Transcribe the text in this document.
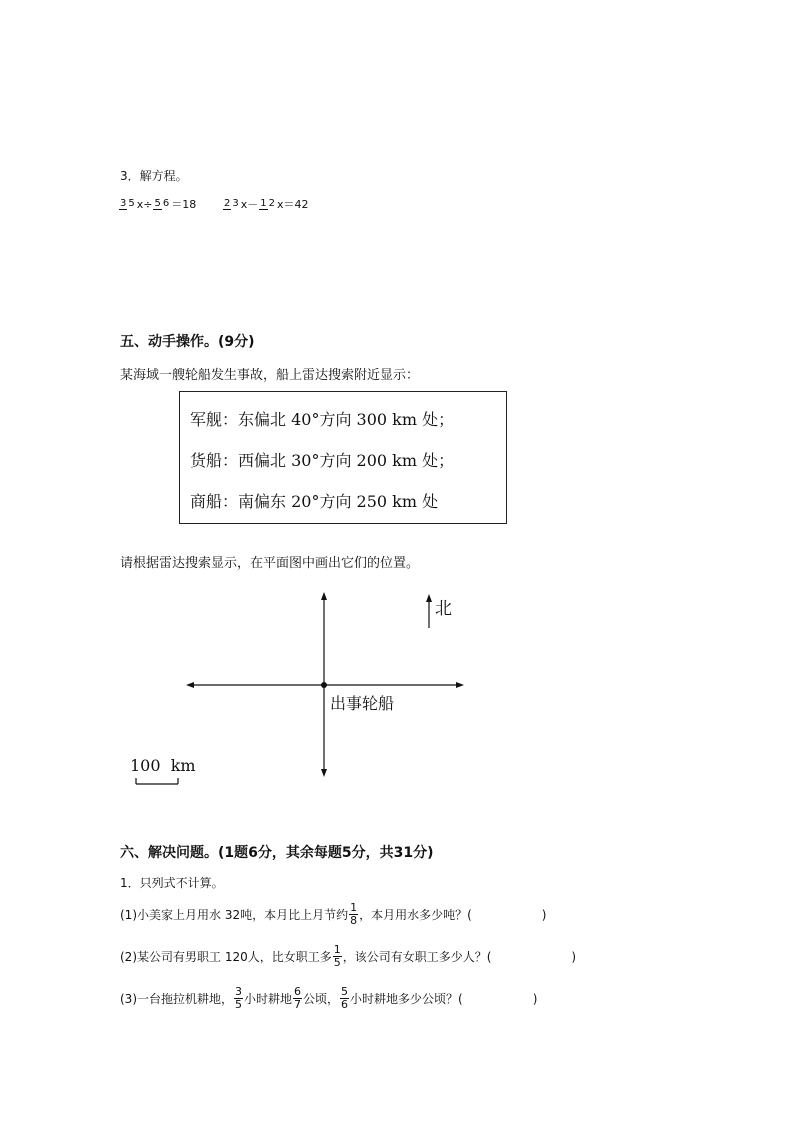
3．解方程。
3 5 x÷ 5 6 ＝18	2 3 x－ 1 2 x＝42
五、动手操作。(9分)
某海域一艘轮船发生事故，船上雷达搜索附近显示：
军舰：东偏北 40°方向 300 km 处；
货船：西偏北 30°方向 200 km 处；
商船：南偏东 20°方向 250 km 处
请根据雷达搜索显示，在平面图中画出它们的位置。
北
出事轮船
100  km
六、解决问题。(1题6分，其余每题5分，共31分)
1．只列式不计算。
(1)小美家上月用水 32吨，本月比上月节约 $\frac{1}{8}$ ，本月用水多少吨？(	)
(2)某公司有男职工 120人，比女职工多 $\frac{1}{5}$ ，该公司有女职工多少人？(	)
(3)一台拖拉机耕地， $\frac{3}{5}$ 小时耕地 $\frac{6}{7}$ 公顷， $\frac{5}{6}$ 小时耕地多少公顷？(	)
